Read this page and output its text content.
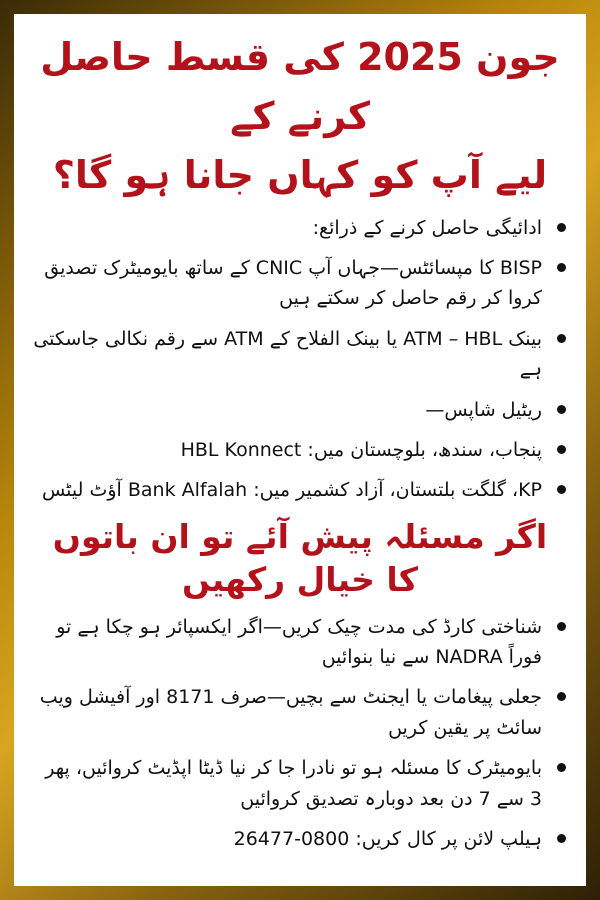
جون 2025 کی قسط حاصل کرنے کے
لیے آپ کو کہاں جانا ہو گا؟
ادائیگی حاصل کرنے کے ذرائع:
BISP کا مپسائٹس—جہاں آپ CNIC کے ساتھ بایومیٹرک تصدیق کروا کر رقم حاصل کر سکتے ہیں
بینک ATM – HBL یا بینک الفلاح کے ATM سے رقم نکالی جاسکتی ہے
ریٹیل شاپس—
پنجاب، سندھ، بلوچستان میں: HBL Konnect
KP، گلگت بلتستان، آزاد کشمیر میں: Bank Alfalah آؤٹ لیٹس
اگر مسئلہ پیش آئے تو ان باتوں کا خیال رکھیں
شناختی کارڈ کی مدت چیک کریں—اگر ایکسپائر ہو چکا ہے تو فوراً NADRA سے نیا بنوائیں
جعلی پیغامات یا ایجنٹ سے بچیں—صرف 8171 اور آفیشل ویب سائٹ پر یقین کریں
بایومیٹرک کا مسئلہ ہو تو نادرا جا کر نیا ڈیٹا اپڈیٹ کروائیں، پھر 3 سے 7 دن بعد دوبارہ تصدیق کروائیں
ہیلپ لائن پر کال کریں: 0800-26477
